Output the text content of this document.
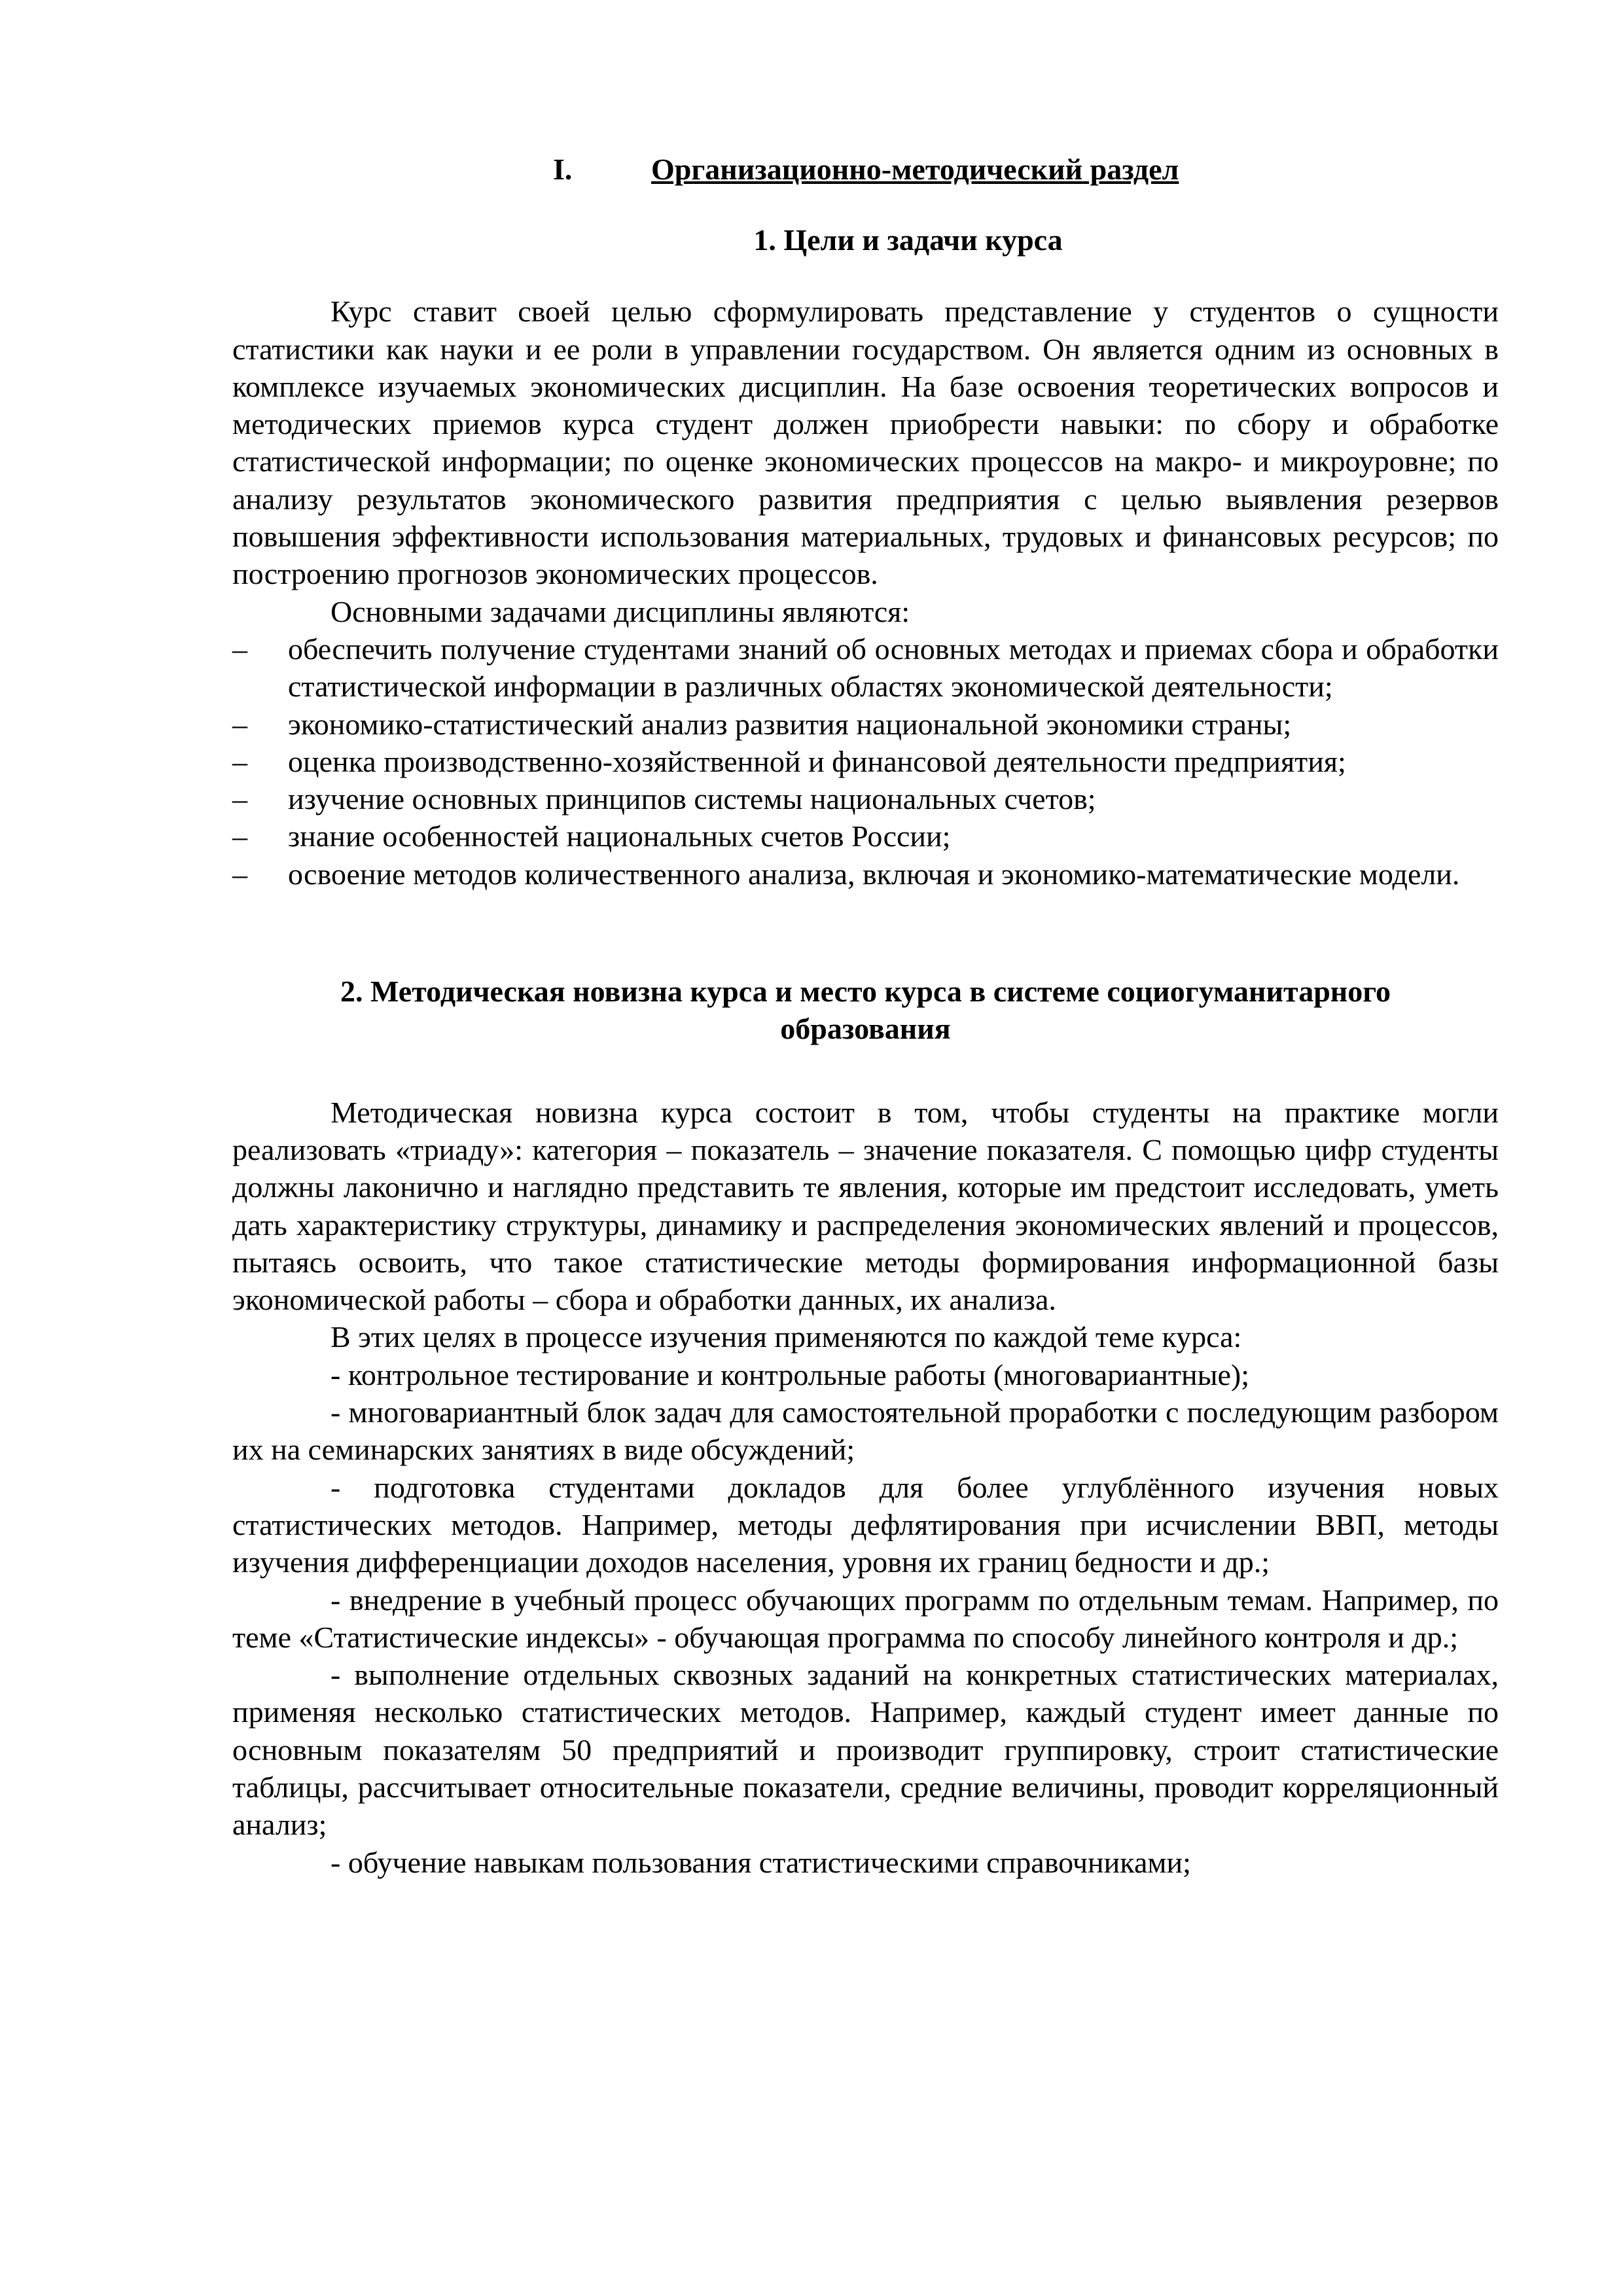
I.	Организационно-методический раздел
1. Цели и задачи курса

Курс ставит своей целью сформулировать представление у студентов о сущности статистики как науки и ее роли в управлении государством. Он является одним из основных в комплексе изучаемых экономических дисциплин. На базе освоения теоретических вопросов и методических приемов курса студент должен приобрести навыки: по сбору и обработке статистической информации; по оценке экономических процессов на макро- и микроуровне; по анализу результатов экономического развития предприятия с целью выявления резервов повышения эффективности использования материальных, трудовых и финансовых ресурсов; по построению прогнозов экономических процессов.

Основными задачами дисциплины являются:

– обеспечить получение студентами знаний об основных методах и приемах сбора и обработки статистической информации в различных областях экономической деятельности;
– экономико-статистический анализ развития национальной экономики страны;
– оценка производственно-хозяйственной и финансовой деятельности предприятия;
– изучение основных принципов системы национальных счетов;
– знание особенностей национальных счетов России;
– освоение методов количественного анализа, включая и экономико-математические модели.
2. Методическая новизна курса и место курса в системе социогуманитарного
образования

Методическая новизна курса состоит в том, чтобы студенты на практике могли реализовать «триаду»: категория – показатель – значение показателя. С помощью цифр студенты должны лаконично и наглядно представить те явления, которые им предстоит исследовать, уметь дать характеристику структуры, динамику и распределения экономических явлений и процессов, пытаясь освоить, что такое статистические методы формирования информационной базы экономической работы – сбора и обработки данных, их анализа.

В этих целях в процессе изучения применяются по каждой теме курса:

- контрольное тестирование и контрольные работы (многовариантные);

- многовариантный блок задач для самостоятельной проработки с последующим разбором их на семинарских занятиях в виде обсуждений;

- подготовка студентами докладов для более углублённого изучения новых статистических методов. Например, методы дефлятирования при исчислении ВВП, методы изучения дифференциации доходов населения, уровня их границ бедности и др.;

- внедрение в учебный процесс обучающих программ по отдельным темам. Например, по теме «Статистические индексы» - обучающая программа по способу линейного контроля и др.;

- выполнение отдельных сквозных заданий на конкретных статистических материалах, применяя несколько статистических методов. Например, каждый студент имеет данные по основным показателям 50 предприятий и производит группировку, строит статистические таблицы, рассчитывает относительные показатели, средние величины, проводит корреляционный анализ;

- обучение навыкам пользования статистическими справочниками;
